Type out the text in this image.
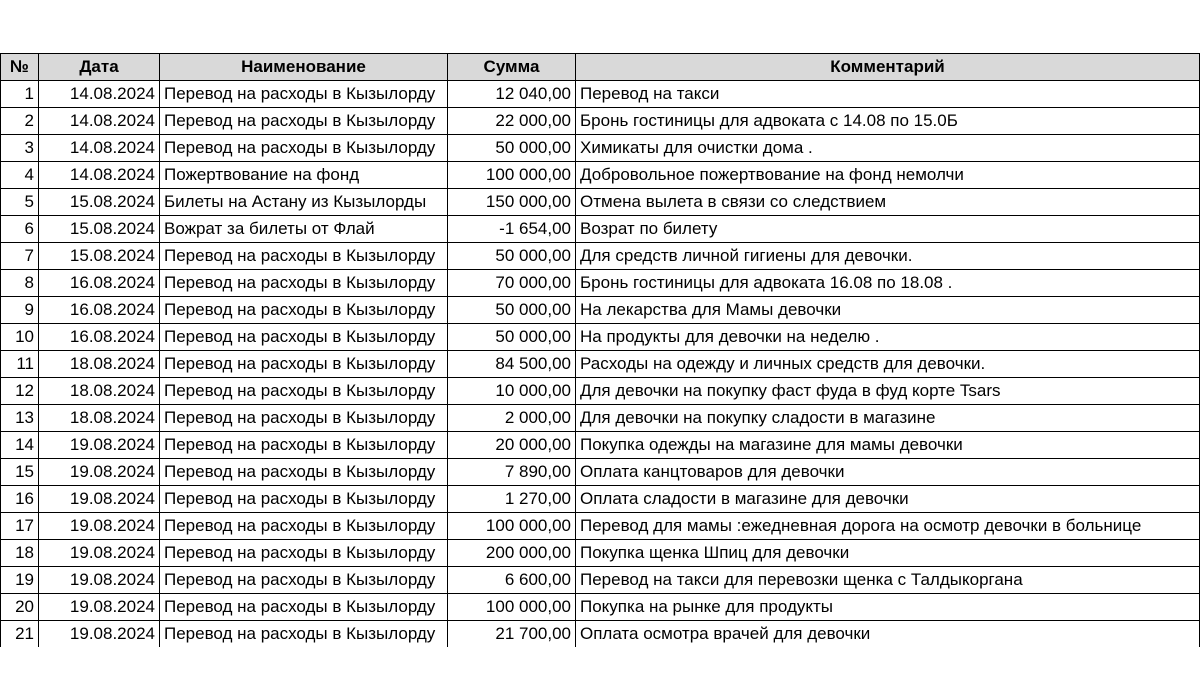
№	Дата	Наименование	Сумма	Комментарий
1	14.08.2024	Перевод на расходы в Кызылорду	12 040,00	Перевод на такси
2	14.08.2024	Перевод на расходы в Кызылорду	22 000,00	Бронь гостиницы для адвоката с 14.08 по 15.0Б
3	14.08.2024	Перевод на расходы в Кызылорду	50 000,00	Химикаты для очистки дома .
4	14.08.2024	Пожертвование на фонд	100 000,00	Добровольное пожертвование на фонд немолчи
5	15.08.2024	Билеты на Астану из Кызылорды	150 000,00	Отмена вылета в связи со следствием
6	15.08.2024	Вожрат за билеты от Флай	-1 654,00	Возрат по билету
7	15.08.2024	Перевод на расходы в Кызылорду	50 000,00	Для средств личной гигиены для девочки.
8	16.08.2024	Перевод на расходы в Кызылорду	70 000,00	Бронь гостиницы для адвоката 16.08 по 18.08 .
9	16.08.2024	Перевод на расходы в Кызылорду	50 000,00	На лекарства для Мамы девочки
10	16.08.2024	Перевод на расходы в Кызылорду	50 000,00	На продукты для девочки на неделю .
11	18.08.2024	Перевод на расходы в Кызылорду	84 500,00	Расходы на одежду и личных средств для девочки.
12	18.08.2024	Перевод на расходы в Кызылорду	10 000,00	Для девочки на покупку фаст фуда в фуд корте Tsars
13	18.08.2024	Перевод на расходы в Кызылорду	2 000,00	Для девочки на покупку сладости в магазине
14	19.08.2024	Перевод на расходы в Кызылорду	20 000,00	Покупка одежды на магазине для мамы девочки
15	19.08.2024	Перевод на расходы в Кызылорду	7 890,00	Оплата канцтоваров для девочки
16	19.08.2024	Перевод на расходы в Кызылорду	1 270,00	Оплата сладости в магазине для девочки
17	19.08.2024	Перевод на расходы в Кызылорду	100 000,00	Перевод для мамы :ежедневная дорога на осмотр девочки в больнице
18	19.08.2024	Перевод на расходы в Кызылорду	200 000,00	Покупка щенка Шпиц для девочки
19	19.08.2024	Перевод на расходы в Кызылорду	6 600,00	Перевод на такси для перевозки щенка с Талдыкоргана
20	19.08.2024	Перевод на расходы в Кызылорду	100 000,00	Покупка на рынке для продукты
21	19.08.2024	Перевод на расходы в Кызылорду	21 700,00	Оплата осмотра врачей для девочки
